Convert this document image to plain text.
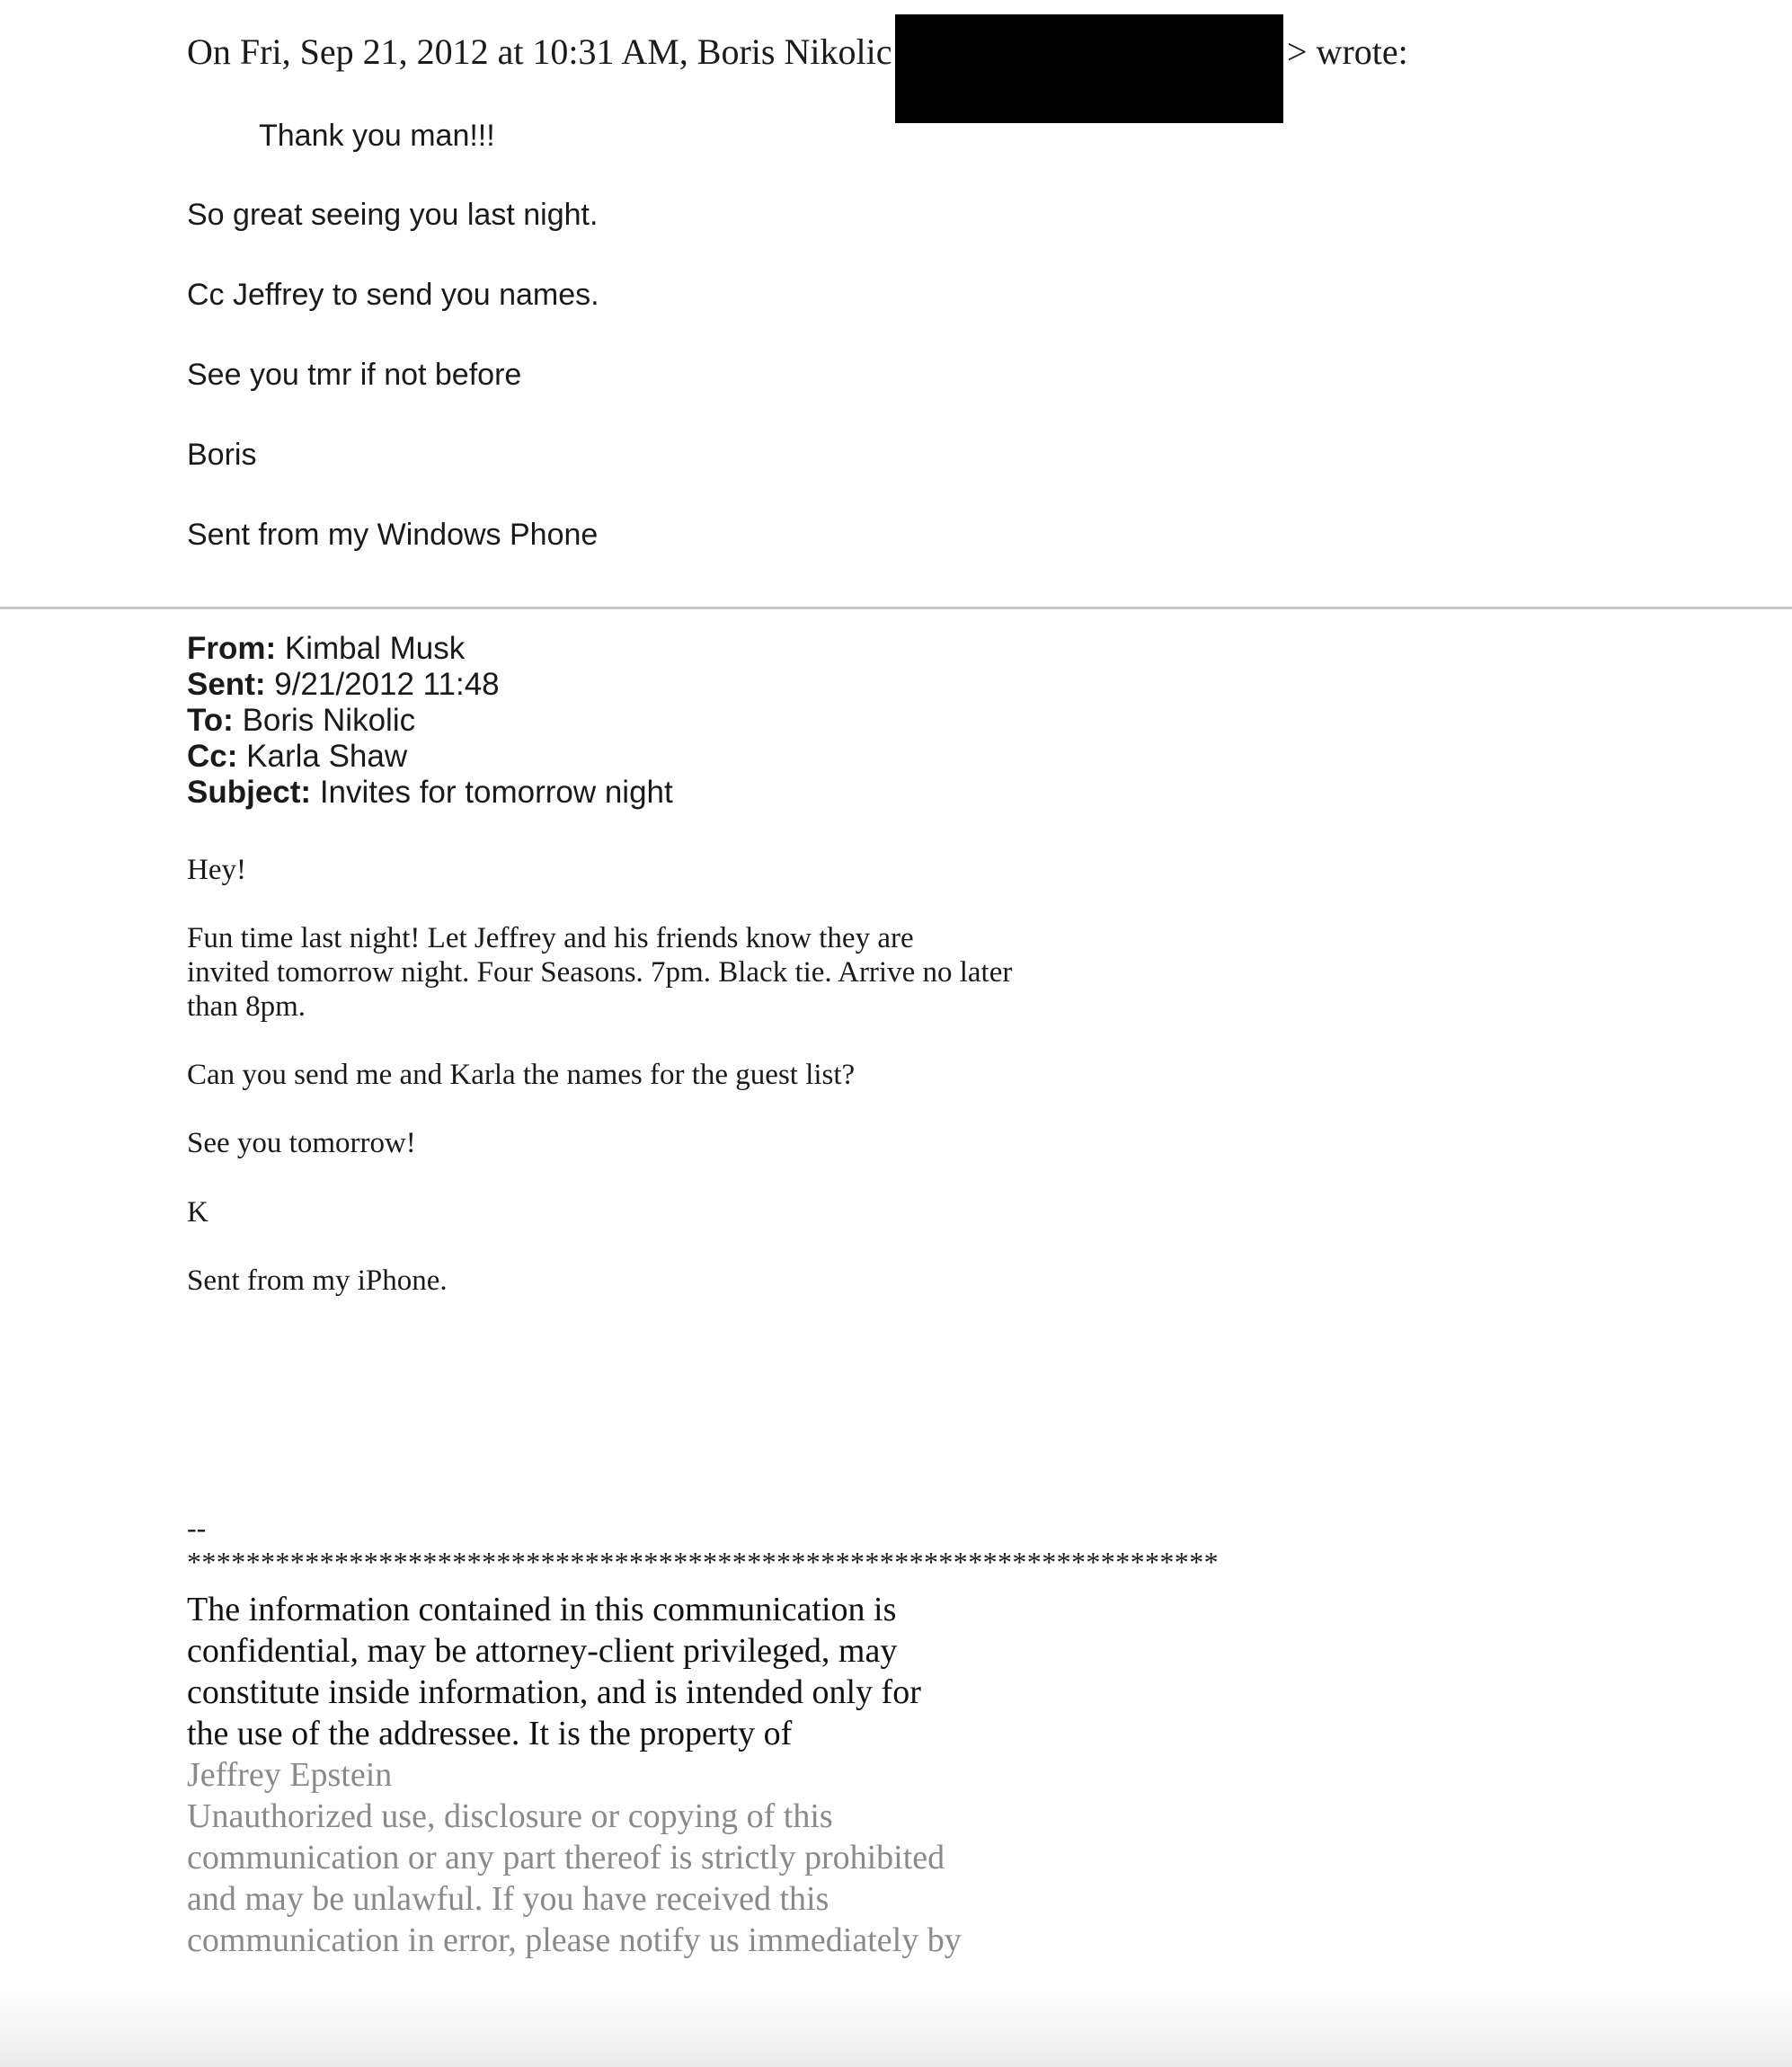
On Fri, Sep 21, 2012 at 10:31 AM, Boris Nikolic	> wrote:
Thank you man!!!
So great seeing you last night.
Cc Jeffrey to send you names.
See you tmr if not before
Boris
Sent from my Windows Phone
From: Kimbal Musk
Sent: 9/21/2012 11:48
To: Boris Nikolic
Cc: Karla Shaw
Subject: Invites for tomorrow night
Hey!
Fun time last night! Let Jeffrey and his friends know they are
invited tomorrow night. Four Seasons. 7pm. Black tie. Arrive no later
than 8pm.
Can you send me and Karla the names for the guest list?
See you tomorrow!
K
Sent from my iPhone.
--
**********************************************************************
The information contained in this communication is
confidential, may be attorney-client privileged, may
constitute inside information, and is intended only for
the use of the addressee. It is the property of
Jeffrey Epstein
Unauthorized use, disclosure or copying of this
communication or any part thereof is strictly prohibited
and may be unlawful. If you have received this
communication in error, please notify us immediately by
